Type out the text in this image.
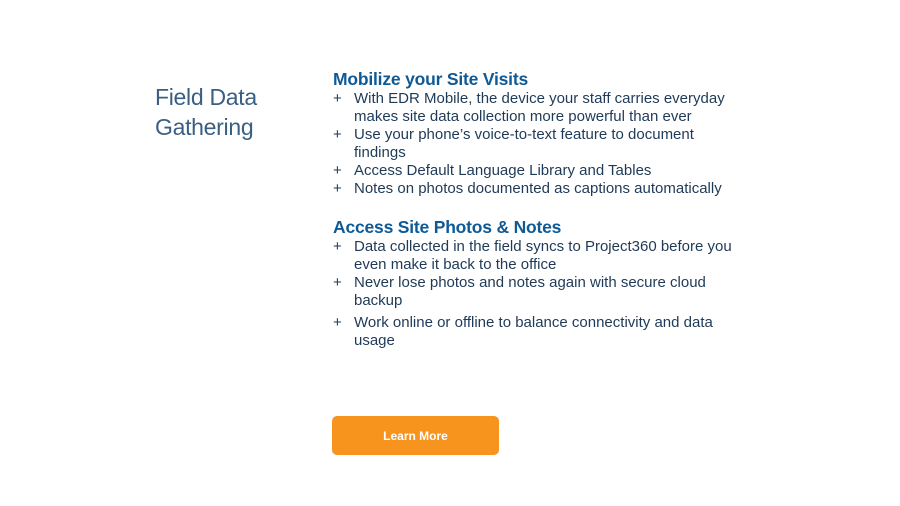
Field Data
Gathering
Mobilize your Site Visits
+ With EDR Mobile, the device your staff carries everyday makes site data collection more powerful than ever
+ Use your phone’s voice-to-text feature to document findings
+ Access Default Language Library and Tables
+ Notes on photos documented as captions automatically
Access Site Photos & Notes
+ Data collected in the field syncs to Project360 before you even make it back to the office
+ Never lose photos and notes again with secure cloud backup
+ Work online or offline to balance connectivity and data usage
Learn More
